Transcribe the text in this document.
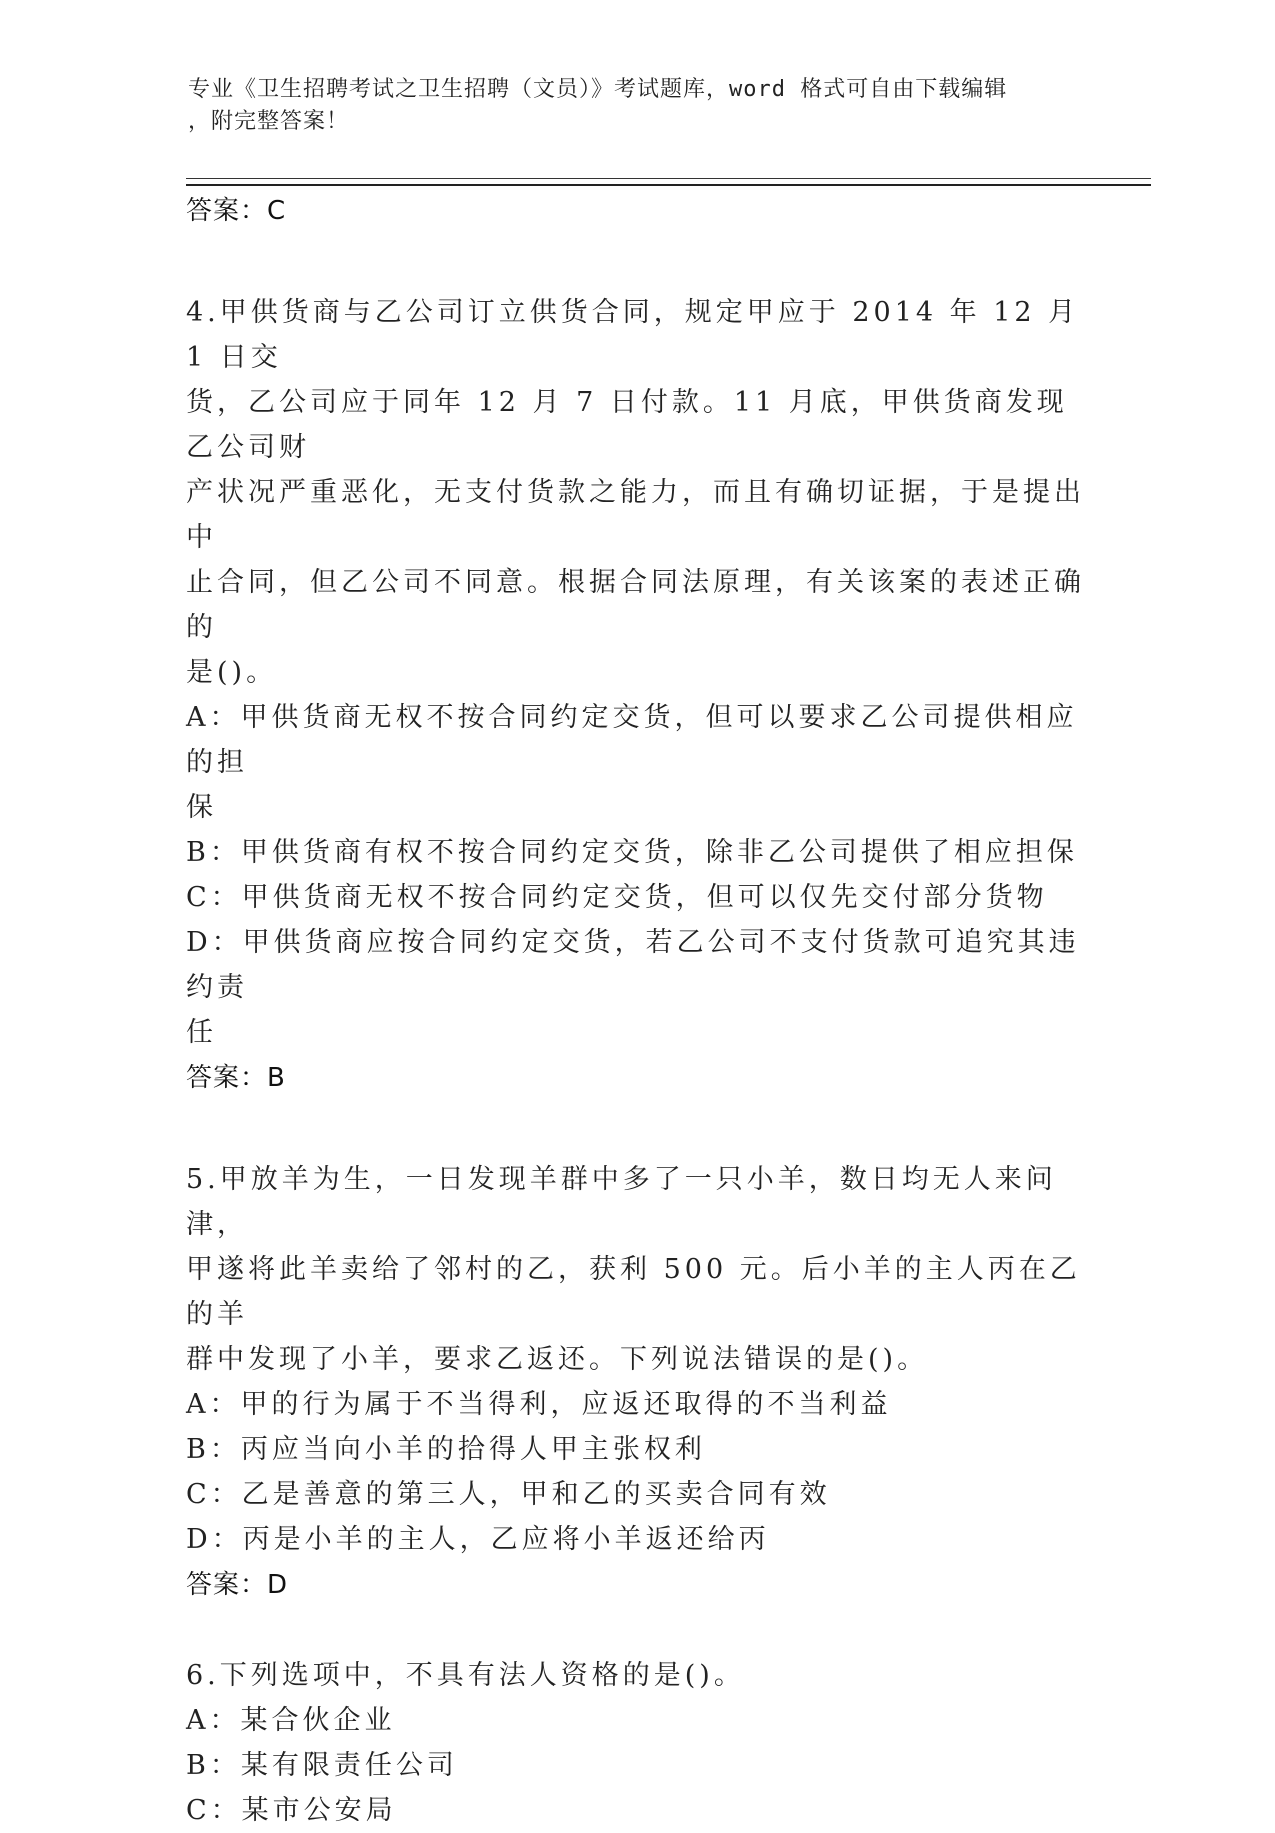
专业《卫生招聘考试之卫生招聘（文员）》考试题库，word 格式可自由下载编辑
，附完整答案！
答案：C
4.甲供货商与乙公司订立供货合同，规定甲应于 2014 年 12 月 1 日交
货，乙公司应于同年 12 月 7 日付款。11 月底，甲供货商发现乙公司财
产状况严重恶化，无支付货款之能力，而且有确切证据，于是提出中
止合同，但乙公司不同意。根据合同法原理，有关该案的表述正确的
是()。
A：甲供货商无权不按合同约定交货，但可以要求乙公司提供相应的担
保
B：甲供货商有权不按合同约定交货，除非乙公司提供了相应担保
C：甲供货商无权不按合同约定交货，但可以仅先交付部分货物
D：甲供货商应按合同约定交货，若乙公司不支付货款可追究其违约责
任
答案：B
5.甲放羊为生，一日发现羊群中多了一只小羊，数日均无人来问津，
甲遂将此羊卖给了邻村的乙，获利 500 元。后小羊的主人丙在乙的羊
群中发现了小羊，要求乙返还。下列说法错误的是()。
A：甲的行为属于不当得利，应返还取得的不当利益
B：丙应当向小羊的拾得人甲主张权利
C：乙是善意的第三人，甲和乙的买卖合同有效
D：丙是小羊的主人，乙应将小羊返还给丙
答案：D
6.下列选项中，不具有法人资格的是()。
A：某合伙企业
B：某有限责任公司
C：某市公安局
